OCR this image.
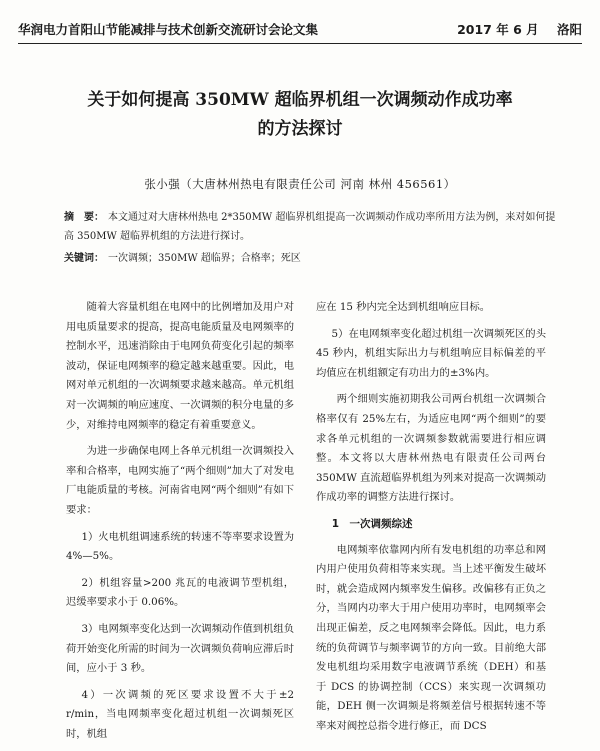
华润电力首阳山节能减排与技术创新交流研讨会论文集	2017 年 6 月 洛阳
关于如何提高 350MW 超临界机组一次调频动作成功率
的方法探讨
张小强（大唐林州热电有限责任公司 河南 林州 456561）
摘　要： 本文通过对大唐林州热电 2*350MW 超临界机组提高一次调频动作成功率所用方法为例，来对如何提高 350MW 超临界机组的方法进行探讨。
关键词： 一次调频；350MW 超临界；合格率；死区

随着大容量机组在电网中的比例增加及用户对用电质量要求的提高，提高电能质量及电网频率的控制水平，迅速消除由于电网负荷变化引起的频率波动，保证电网频率的稳定越来越重要。因此，电网对单元机组的一次调频要求越来越高。单元机组对一次调频的响应速度、一次调频的积分电量的多少，对维持电网频率的稳定有着重要意义。

为进一步确保电网上各单元机组一次调频投入率和合格率，电网实施了“两个细则”加大了对发电厂电能质量的考核。河南省电网“两个细则”有如下要求：

1）火电机组调速系统的转速不等率要求设置为 4%—5%。

2）机组容量>200 兆瓦的电液调节型机组，迟缓率要求小于 0.06%。

3）电网频率变化达到一次调频动作值到机组负荷开始变化所需的时间为一次调频负荷响应滞后时间，应小于 3 秒。

4）一次调频的死区要求设置不大于±2 r/min，当电网频率变化超过机组一次调频死区时，机组

应在 15 秒内完全达到机组响应目标。

5）在电网频率变化超过机组一次调频死区的头 45 秒内，机组实际出力与机组响应目标偏差的平均值应在机组额定有功出力的±3%内。

两个细则实施初期我公司两台机组一次调频合格率仅有 25%左右，为适应电网“两个细则”的要求各单元机组的一次调频参数就需要进行相应调整。本文将以大唐林州热电有限责任公司两台 350MW 直流超临界机组为列来对提高一次调频动作成功率的调整方法进行探讨。

1　一次调频综述

电网频率依靠网内所有发电机组的功率总和网内用户使用负荷相等来实现。当上述平衡发生破坏时，就会造成网内频率发生偏移。改偏移有正负之分，当网内功率大于用户使用功率时，电网频率会出现正偏差，反之电网频率会降低。因此，电力系统的负荷调节与频率调节的方向一致。目前绝大部发电机组均采用数字电液调节系统（DEH）和基于 DCS 的协调控制（CCS）来实现一次调频功能，DEH 侧一次调频是将频差信号根据转速不等率来对阀控总指令进行修正，而 DCS
